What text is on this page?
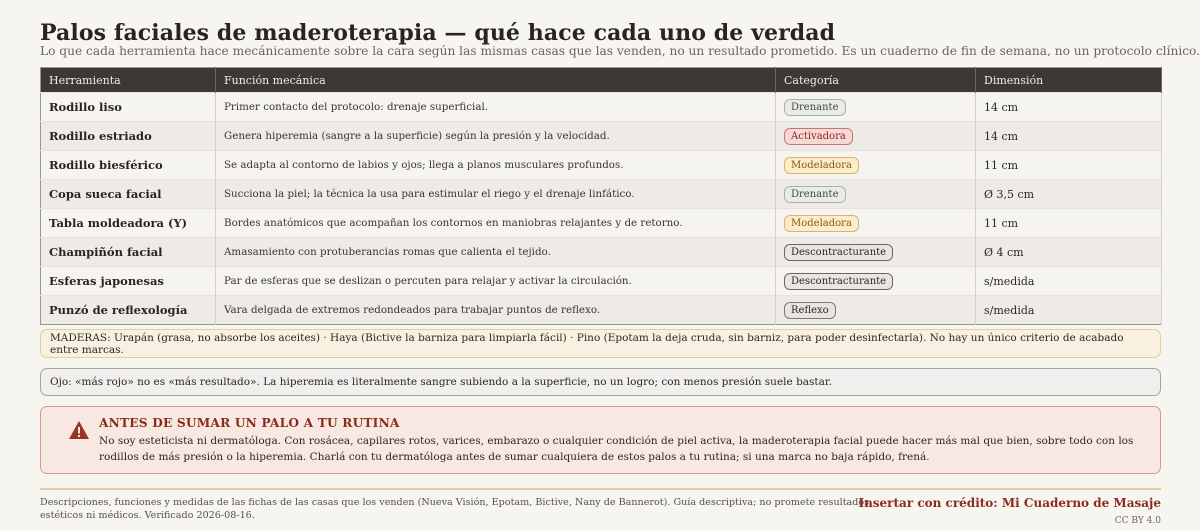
Palos faciales de maderoterapia — qué hace cada uno de verdad

Lo que cada herramienta hace mecánicamente sobre la cara según las mismas casas que las venden, no un resultado prometido. Es un cuaderno de fin de semana, no un protocolo clínico.

Herramienta	Función mecánica	Categoría	Dimensión
Rodillo liso	Primer contacto del protocolo: drenaje superficial.	Drenante	14 cm
Rodillo estriado	Genera hiperemia (sangre a la superficie) según la presión y la velocidad.	Activadora	14 cm
Rodillo biesférico	Se adapta al contorno de labios y ojos; llega a planos musculares profundos.	Modeladora	11 cm
Copa sueca facial	Succiona la piel; la técnica la usa para estimular el riego y el drenaje linfático.	Drenante	Ø 3,5 cm
Tabla moldeadora (Y)	Bordes anatómicos que acompañan los contornos en maniobras relajantes y de retorno.	Modeladora	11 cm
Champiñón facial	Amasamiento con protuberancias romas que calienta el tejido.	Descontracturante	Ø 4 cm
Esferas japonesas	Par de esferas que se deslizan o percuten para relajar y activar la circulación.	Descontracturante	s/medida
Punzó de reflexología	Vara delgada de extremos redondeados para trabajar puntos de reflexo.	Reflexo	s/medida
MADERAS: Urapán (grasa, no absorbe los aceites) · Haya (Bictive la barniza para limpiarla fácil) · Pino (Epotam la deja cruda, sin barniz, para poder desinfectarla). No hay un único criterio de acabado entre marcas.
Ojo: «más rojo» no es «más resultado». La hiperemia es literalmente sangre subiendo a la superficie, no un logro; con menos presión suele bastar.
ANTES DE SUMAR UN PALO A TU RUTINA
No soy esteticista ni dermatóloga. Con rosácea, capilares rotos, varices, embarazo o cualquier condición de piel activa, la maderoterapia facial puede hacer más mal que bien, sobre todo con los rodillos de más presión o la hiperemia. Charlá con tu dermatóloga antes de sumar cualquiera de estos palos a tu rutina; si una marca no baja rápido, frená.
Descripciones, funciones y medidas de las fichas de las casas que los venden (Nueva Visión, Epotam, Bictive, Nany de Bannerot). Guía descriptiva; no promete resultados estéticos ni médicos. Verificado 2026-08-16.
Insertar con crédito: Mi Cuaderno de Masaje
CC BY 4.0
